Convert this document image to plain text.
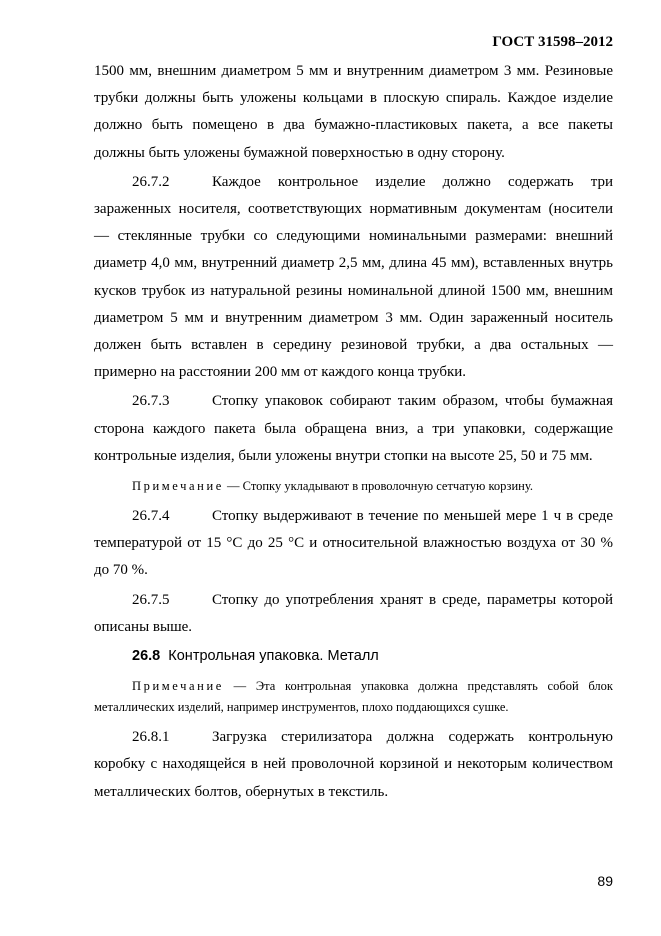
ГОСТ 31598–2012

1500 мм, внешним диаметром 5 мм и внутренним диаметром 3 мм. Резиновые трубки должны быть уложены кольцами в плоскую спираль. Каждое изделие должно быть помещено в два бумажно-пластиковых пакета, а все пакеты должны быть уложены бумажной поверхностью в одну сторону.

26.7.2	Каждое контрольное изделие должно содержать три зараженных носителя, соответствующих нормативным документам (носители — стеклянные трубки со следующими номинальными размерами: внешний диаметр 4,0 мм, внутренний диаметр 2,5 мм, длина 45 мм), вставленных внутрь кусков трубок из натуральной резины номинальной длиной 1500 мм, внешним диаметром 5 мм и внутренним диаметром 3 мм. Один зараженный носитель должен быть вставлен в середину резиновой трубки, а два остальных — примерно на расстоянии 200 мм от каждого конца трубки.

26.7.3	Стопку упаковок собирают таким образом, чтобы бумажная сторона каждого пакета была обращена вниз, а три упаковки, содержащие контрольные изделия, были уложены внутри стопки на высоте 25, 50 и 75 мм.

Примечание — Стопку укладывают в проволочную сетчатую корзину.

26.7.4	Стопку выдерживают в течение по меньшей мере 1 ч в среде температурой от 15 °С до 25 °С и относительной влажностью воздуха от 30 % до 70 %.

26.7.5	Стопку до употребления хранят в среде, параметры которой описаны выше.

26.8 Контрольная упаковка. Металл

Примечание — Эта контрольная упаковка должна представлять собой блок металлических изделий, например инструментов, плохо поддающихся сушке.

26.8.1	Загрузка стерилизатора должна содержать контрольную коробку с находящейся в ней проволочной корзиной и некоторым количеством металлических болтов, обернутых в текстиль.

89
